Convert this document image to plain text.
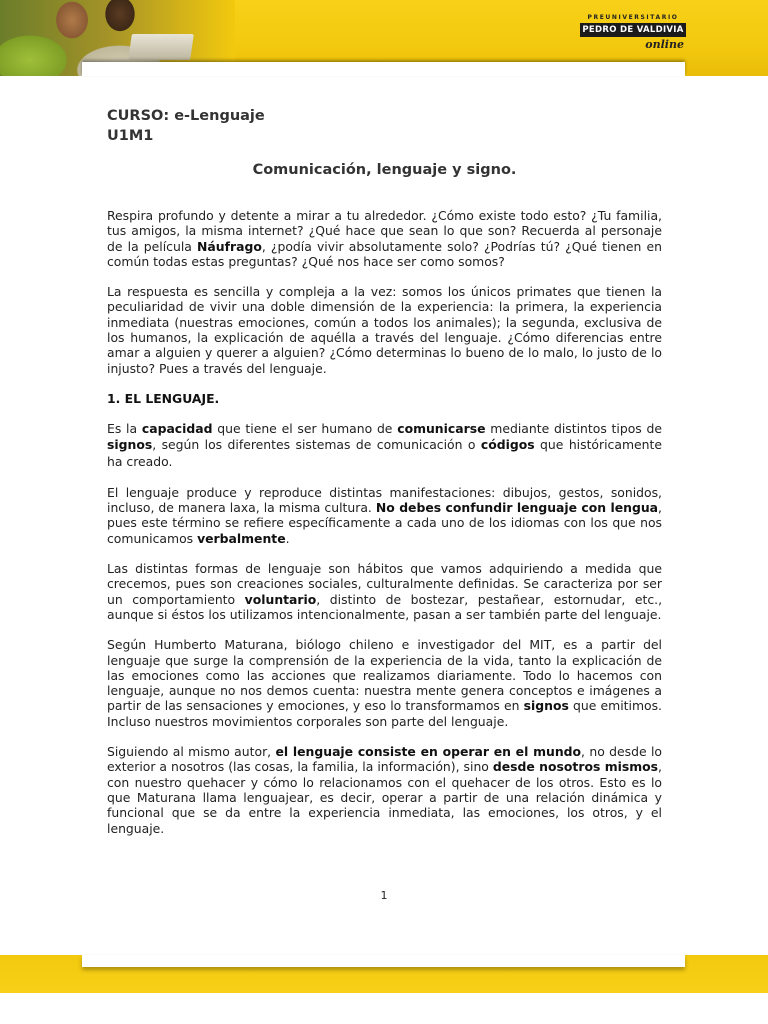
PREUNIVERSITARIO
PEDRO DE VALDIVIA
online
CURSO: e-Lenguaje
U1M1
Comunicación, lenguaje y signo.

Respira profundo y detente a mirar a tu alrededor. ¿Cómo existe todo esto? ¿Tu familia, tus amigos, la misma internet? ¿Qué hace que sean lo que son? Recuerda al personaje de la película Náufrago, ¿podía vivir absolutamente solo? ¿Podrías tú? ¿Qué tienen en común todas estas preguntas? ¿Qué nos hace ser como somos?

La respuesta es sencilla y compleja a la vez: somos los únicos primates que tienen la peculiaridad de vivir una doble dimensión de la experiencia: la primera, la experiencia inmediata (nuestras emociones, común a todos los animales); la segunda, exclusiva de los humanos, la explicación de aquélla a través del lenguaje. ¿Cómo diferencias entre amar a alguien y querer a alguien? ¿Cómo determinas lo bueno de lo malo, lo justo de lo injusto? Pues a través del lenguaje.

1. EL LENGUAJE.

Es la capacidad que tiene el ser humano de comunicarse mediante distintos tipos de signos, según los diferentes sistemas de comunicación o códigos que históricamente ha creado.

El lenguaje produce y reproduce distintas manifestaciones: dibujos, gestos, sonidos, incluso, de manera laxa, la misma cultura. No debes confundir lenguaje con lengua, pues este término se refiere específicamente a cada uno de los idiomas con los que nos comunicamos verbalmente.

Las distintas formas de lenguaje son hábitos que vamos adquiriendo a medida que crecemos, pues son creaciones sociales, culturalmente definidas. Se caracteriza por ser un comportamiento voluntario, distinto de bostezar, pestañear, estornudar, etc., aunque si éstos los utilizamos intencionalmente, pasan a ser también parte del lenguaje.

Según Humberto Maturana, biólogo chileno e investigador del MIT, es a partir del lenguaje que surge la comprensión de la experiencia de la vida, tanto la explicación de las emociones como las acciones que realizamos diariamente. Todo lo hacemos con lenguaje, aunque no nos demos cuenta: nuestra mente genera conceptos e imágenes a partir de las sensaciones y emociones, y eso lo transformamos en signos que emitimos. Incluso nuestros movimientos corporales son parte del lenguaje.

Siguiendo al mismo autor, el lenguaje consiste en operar en el mundo, no desde lo exterior a nosotros (las cosas, la familia, la información), sino desde nosotros mismos, con nuestro quehacer y cómo lo relacionamos con el quehacer de los otros. Esto es lo que Maturana llama lenguajear, es decir, operar a partir de una relación dinámica y funcional que se da entre la experiencia inmediata, las emociones, los otros, y el lenguaje.

1
